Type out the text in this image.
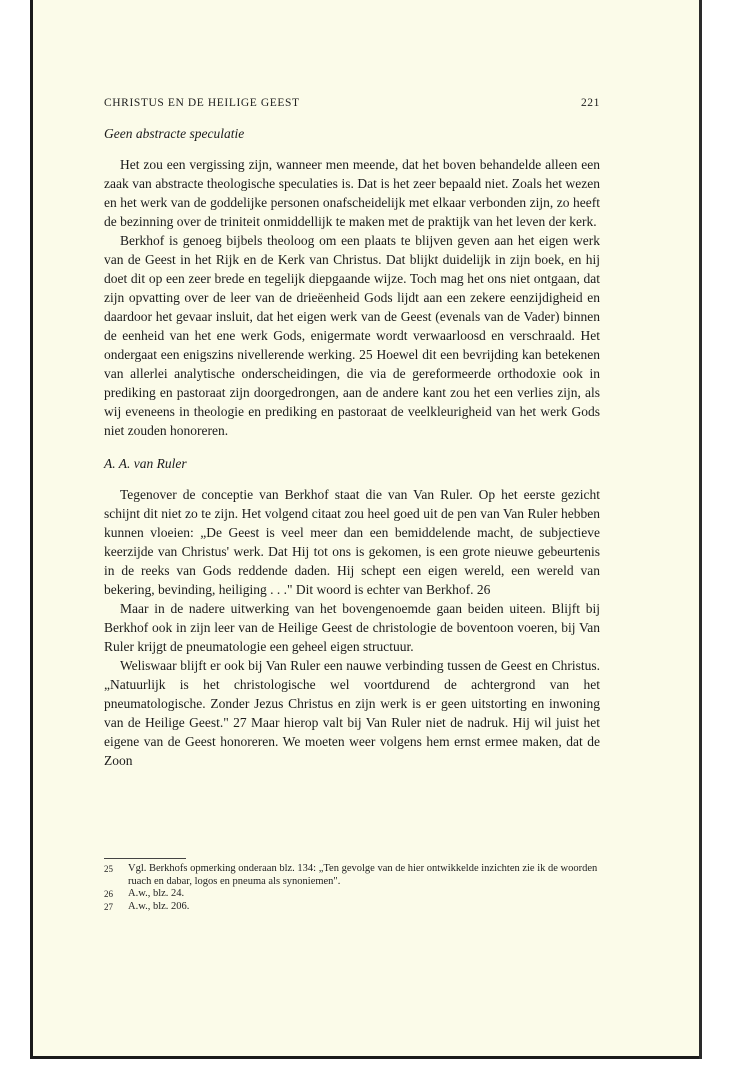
CHRISTUS EN DE HEILIGE GEEST	221
Geen abstracte speculatie

Het zou een vergissing zijn, wanneer men meende, dat het boven behandelde alleen een zaak van abstracte theologische speculaties is. Dat is het zeer bepaald niet. Zoals het wezen en het werk van de goddelijke personen onafscheidelijk met elkaar verbonden zijn, zo heeft de bezinning over de triniteit onmiddellijk te maken met de praktijk van het leven der kerk.

Berkhof is genoeg bijbels theoloog om een plaats te blijven geven aan het eigen werk van de Geest in het Rijk en de Kerk van Christus. Dat blijkt duidelijk in zijn boek, en hij doet dit op een zeer brede en tegelijk diepgaande wijze. Toch mag het ons niet ontgaan, dat zijn opvatting over de leer van de drieëenheid Gods lijdt aan een zekere eenzijdigheid en daardoor het gevaar insluit, dat het eigen werk van de Geest (evenals van de Vader) binnen de eenheid van het ene werk Gods, enigermate wordt verwaarloosd en verschraald. Het ondergaat een enigszins nivellerende werking. 25 Hoewel dit een bevrijding kan betekenen van allerlei analytische onderscheidingen, die via de gereformeerde orthodoxie ook in prediking en pastoraat zijn doorgedrongen, aan de andere kant zou het een verlies zijn, als wij eveneens in theologie en prediking en pastoraat de veelkleurigheid van het werk Gods niet zouden honoreren.

A. A. van Ruler

Tegenover de conceptie van Berkhof staat die van Van Ruler. Op het eerste gezicht schijnt dit niet zo te zijn. Het volgend citaat zou heel goed uit de pen van Van Ruler hebben kunnen vloeien: „De Geest is veel meer dan een bemiddelende macht, de subjectieve keerzijde van Christus' werk. Dat Hij tot ons is gekomen, is een grote nieuwe gebeurtenis in de reeks van Gods reddende daden. Hij schept een eigen wereld, een wereld van bekering, bevinding, heiliging . . ." Dit woord is echter van Berkhof. 26

Maar in de nadere uitwerking van het bovengenoemde gaan beiden uiteen. Blijft bij Berkhof ook in zijn leer van de Heilige Geest de christologie de boventoon voeren, bij Van Ruler krijgt de pneumatologie een geheel eigen structuur.

Weliswaar blijft er ook bij Van Ruler een nauwe verbinding tussen de Geest en Christus. „Natuurlijk is het christologische wel voortdurend de achtergrond van het pneumatologische. Zonder Jezus Christus en zijn werk is er geen uitstorting en inwoning van de Heilige Geest." 27 Maar hierop valt bij Van Ruler niet de nadruk. Hij wil juist het eigene van de Geest honoreren. We moeten weer volgens hem ernst ermee maken, dat de Zoon

25 Vgl. Berkhofs opmerking onderaan blz. 134: „Ten gevolge van de hier ontwikkelde inzichten zie ik de woorden ruach en dabar, logos en pneuma als synoniemen".

26 A.w., blz. 24.

27 A.w., blz. 206.
